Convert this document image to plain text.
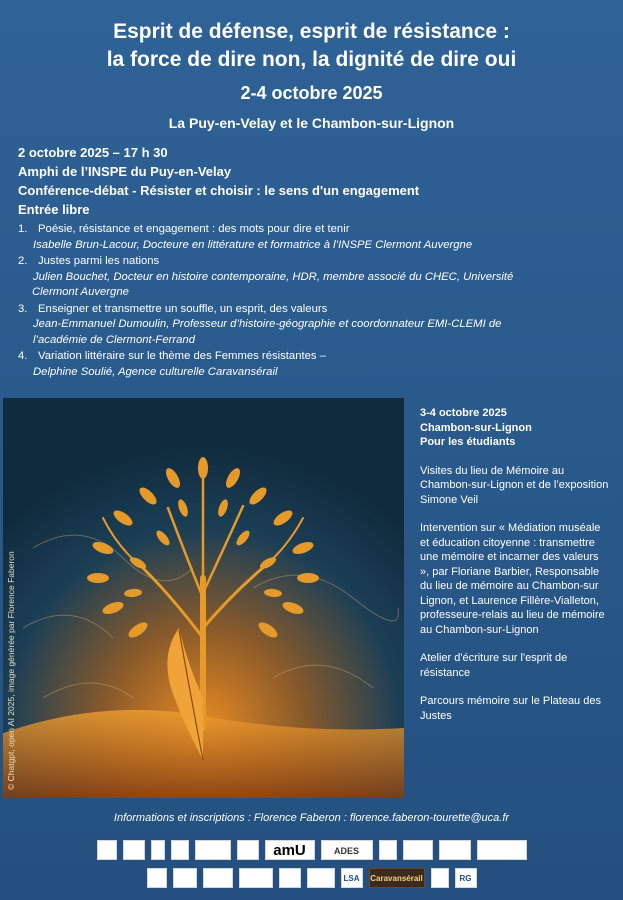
Esprit de défense, esprit de résistance :
la force de dire non, la dignité de dire oui
2-4 octobre 2025
La Puy-en-Velay et le Chambon-sur-Lignon
2 octobre 2025 – 17 h 30
Amphi de l’INSPE du Puy-en-Velay
Conférence-débat - Résister et choisir : le sens d'un engagement
Entrée libre
1. Poésie, résistance et engagement : des mots pour dire et tenir
Isabelle Brun-Lacour, Docteure en littérature et formatrice à l’INSPE Clermont Auvergne
2. Justes parmi les nations
Julien Bouchet, Docteur en histoire contemporaine, HDR, membre associé du CHEC, Université
Clermont Auvergne
3. Enseigner et transmettre un souffle, un esprit, des valeurs
Jean-Emmanuel Dumoulin, Professeur d’histoire-géographie et coordonnateur EMI-CLEMI de
l’académie de Clermont-Ferrand
4. Variation littéraire sur le thème des Femmes résistantes –
Delphine Soulié, Agence culturelle Caravansérail
© Chatgpt, open AI 2025, image générée par Florence Faberon

3-4 octobre 2025
Chambon-sur-Lignon
Pour les étudiants

Visites du lieu de Mémoire au Chambon-sur-Lignon et de l’exposition Simone Veil

Intervention sur « Médiation muséale et éducation citoyenne : transmettre une mémoire et incarner des valeurs », par Floriane Barbier, Responsable du lieu de mémoire au Chambon-sur Lignon, et Laurence Fillère-Vialleton, professeure-relais au lieu de mémoire au Chambon-sur-Lignon

Atelier d'écriture sur l'esprit de résistance

Parcours mémoire sur le Plateau des Justes

Informations et inscriptions : Florence Faberon : florence.faberon-tourette@uca.fr
amU	ADES
LSA Caravansérail	RG
